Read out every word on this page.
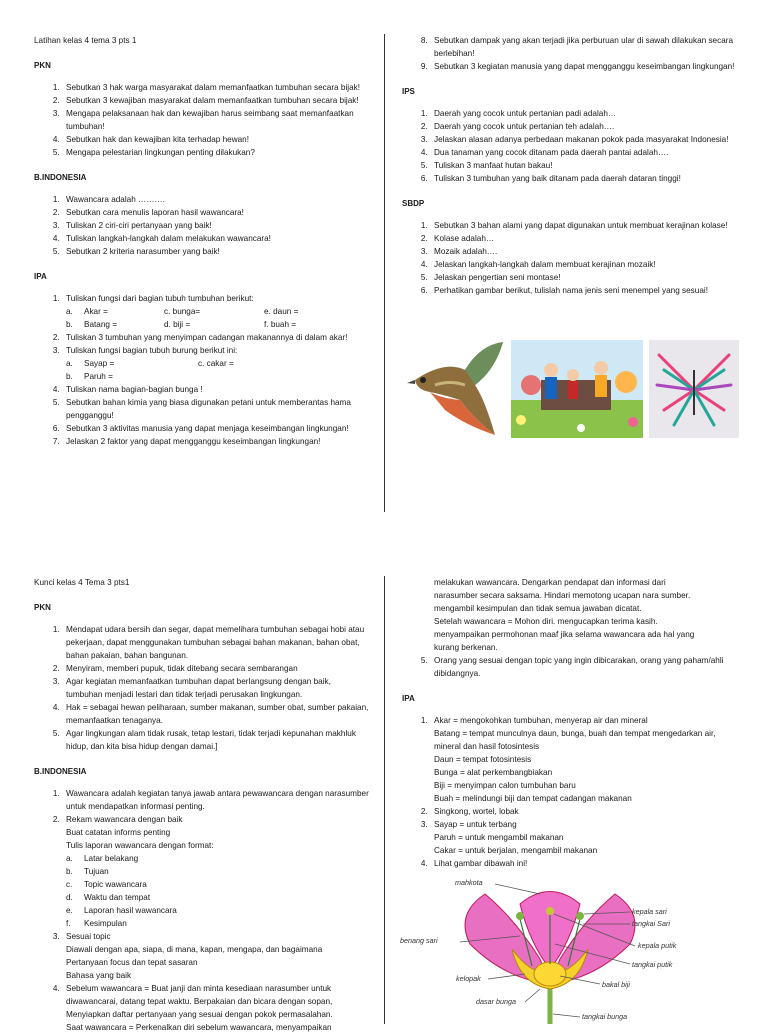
Latihan kelas 4 tema 3 pts 1

PKN
1. Sebutkan 3 hak warga masyarakat dalam memanfaatkan tumbuhan secara bijak!
2. Sebutkan 3 kewajiban masyarakat dalam memanfaatkan tumbuhan secara bijak!
3. Mengapa pelaksanaan hak dan kewajiban harus seimbang saat memanfaatkan tumbuhan!
4. Sebutkan hak dan kewajiban kita terhadap hewan!
5. Mengapa pelestarian lingkungan penting dilakukan?
B.INDONESIA
1. Wawancara adalah ……….
2. Sebutkan cara menulis laporan hasil wawancara!
3. Tuliskan 2 ciri-ciri pertanyaan yang baik!
4. Tuliskan langkah-langkah dalam melakukan wawancara!
5. Sebutkan 2 kriteria narasumber yang baik!
IPA
1. Tuliskan fungsi dari bagian tubuh tumbuhan berikut:
a.	Akar =	c. bunga=	e. daun =
b.	Batang =	d. biji =	f. buah =
2. Tuliskan 3 tumbuhan yang menyimpan cadangan makanannya di dalam akar!
3. Tuliskan fungsi bagian tubuh burung berikut ini:
a.	Sayap =	c. cakar =
b.	Paruh =
4. Tuliskan nama bagian-bagian bunga !
5. Sebutkan bahan kimia yang biasa digunakan petani untuk memberantas hama pengganggu!
6. Sebutkan 3 aktivitas manusia yang dapat menjaga keseimbangan lingkungan!
7. Jelaskan 2 faktor yang dapat mengganggu keseimbangan lingkungan!
8. Sebutkan dampak yang akan terjadi jika perburuan ular di sawah dilakukan secara berlebihan!
9. Sebutkan 3 kegiatan manusia yang dapat mengganggu keseimbangan lingkungan!
IPS
1. Daerah yang cocok untuk pertanian padi adalah…
2. Daerah yang cocok untuk pertanian teh adalah….
3. Jelaskan alasan adanya perbedaan makanan pokok pada masyarakat Indonesia!
4. Dua tanaman yang cocok ditanam pada daerah pantai adalah….
5. Tuliskan 3 manfaat hutan bakau!
6. Tuliskan 3 tumbuhan yang baik ditanam pada daerah dataran tinggi!
SBDP
1. Sebutkan 3 bahan alami yang dapat digunakan untuk membuat kerajinan kolase!
2. Kolase adalah…
3. Mozaik adalah….
4. Jelaskan langkah-langkah dalam membuat kerajinan mozaik!
5. Jelaskan pengertian seni montase!
6. Perhatikan gambar berikut, tulislah nama jenis seni menempel yang sesuai!

Kunci kelas 4 Tema 3 pts1

PKN
1. Mendapat udara bersih dan segar, dapat memelihara tumbuhan sebagai hobi atau pekerjaan, dapat menggunakan tumbuhan sebagai bahan makanan, bahan obat, bahan pakaian, bahan bangunan.
2. Menyiram, memberi pupuk, tidak ditebang secara sembarangan
3. Agar kegiatan memanfaatkan tumbuhan dapat berlangsung dengan baik, tumbuhan menjadi lestari dan tidak terjadi perusakan lingkungan.
4. Hak = sebagai hewan peliharaan, sumber makanan, sumber obat, sumber pakaian, memanfaatkan tenaganya.
5. Agar lingkungan alam tidak rusak, tetap lestari, tidak terjadi kepunahan makhluk hidup, dan kita bisa hidup dengan damai.]
B.INDONESIA
1. Wawancara adalah kegiatan tanya jawab antara pewawancara dengan narasumber untuk mendapatkan informasi penting.
2. Rekam wawancara dengan baik
Buat catatan informs penting
Tulis laporan wawancara dengan format:
a.	Latar belakang
b.	Tujuan
c.	Topic wawancara
d.	Waktu dan tempat
e.	Laporan hasil wawancara
f.	Kesimpulan
3. Sesuai topic
Diawali dengan apa, siapa, di mana, kapan, mengapa, dan bagaimana
Pertanyaan focus dan tepat sasaran
Bahasa yang baik
4. Sebelum wawancara = Buat janji dan minta kesediaan narasumber untuk diwawancarai, datang tepat waktu. Berpakaian dan bicara dengan sopan, Menyiapkan daftar pertanyaan yang sesuai dengan pokok permasalahan.
Saat wawancara = Perkenalkan diri sebelum wawancara, menyampaikan
melakukan wawancara. Dengarkan pendapat dan informasi dari
narasumber secara saksama. Hindari memotong ucapan nara sumber.
mengambil kesimpulan dan tidak semua jawaban dicatat.
Setelah wawancara = Mohon diri. mengucapkan terima kasih.
menyampaikan permohonan maaf jika selama wawancara ada hal yang
kurang berkenan.
5. Orang yang sesuai dengan topic yang ingin dibicarakan, orang yang paham/ahli dibidangnya.
IPA
1. Akar = mengokohkan tumbuhan, menyerap air dan mineral
Batang = tempat munculnya daun, bunga, buah dan tempat mengedarkan air, mineral dan hasil fotosintesis
Daun = tempat fotosintesis
Bunga = alat perkembangbiakan
Biji = menyimpan calon tumbuhan baru
Buah = melindungi biji dan tempat cadangan makanan
2. Singkong, wortel, lobak
3. Sayap = untuk terbang
Paruh = untuk mengambil makanan
Cakar = untuk berjalan, mengambil makanan
4. Lihat gambar dibawah ini!
mahkota
kepala sari
tangkai Sari
benang sari
kepala putik
tangkai putik
kelopak
bakal biji
dasar bunga
tangkai bunga
